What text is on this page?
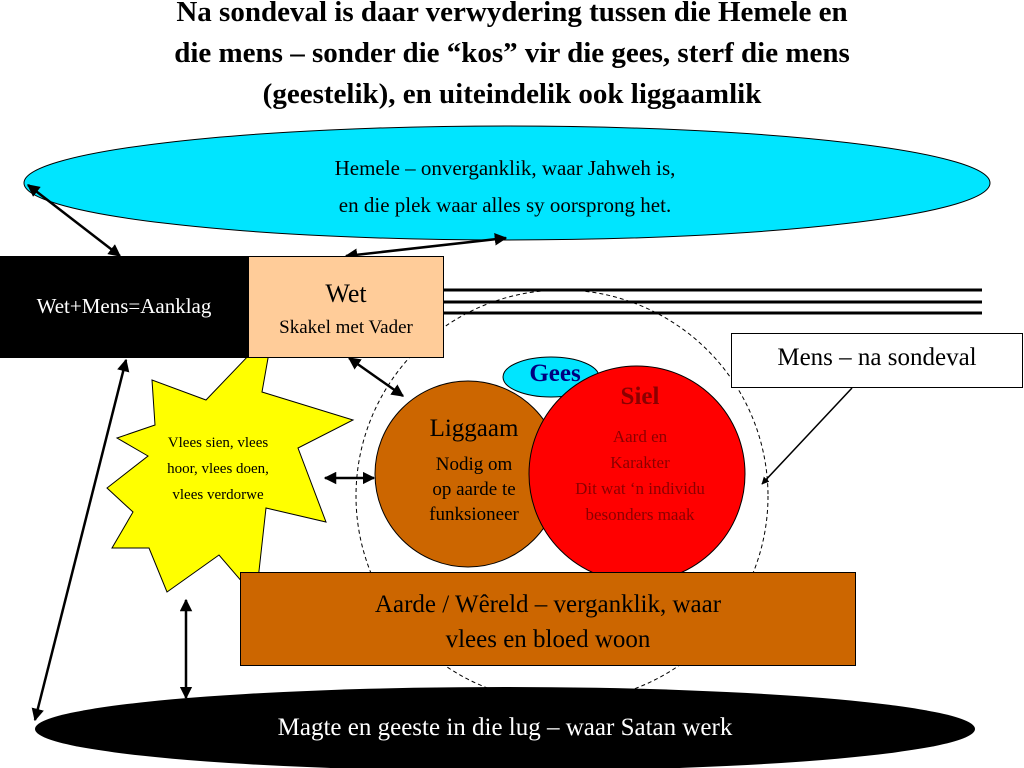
Na sondeval is daar verwydering tussen die Hemele en
die mens – sonder die “kos” vir die gees, sterf die mens
(geestelik), en uiteindelik ook liggaamlik
Hemele – onverganklik, waar Jahweh is,
en die plek waar alles sy oorsprong het.
Wet+Mens=Aanklag	Wet
Skakel met Vader
Mens – na sondeval
Gees
Liggaam
Nodig om
op aarde te
funksioneer
Siel
Aard en
Karakter
Dit wat ‘n individu
besonders maak
Vlees sien, vlees
hoor, vlees doen,
vlees verdorwe
Aarde / Wêreld – verganklik, waar
vlees en bloed woon
Magte en geeste in die lug – waar Satan werk
